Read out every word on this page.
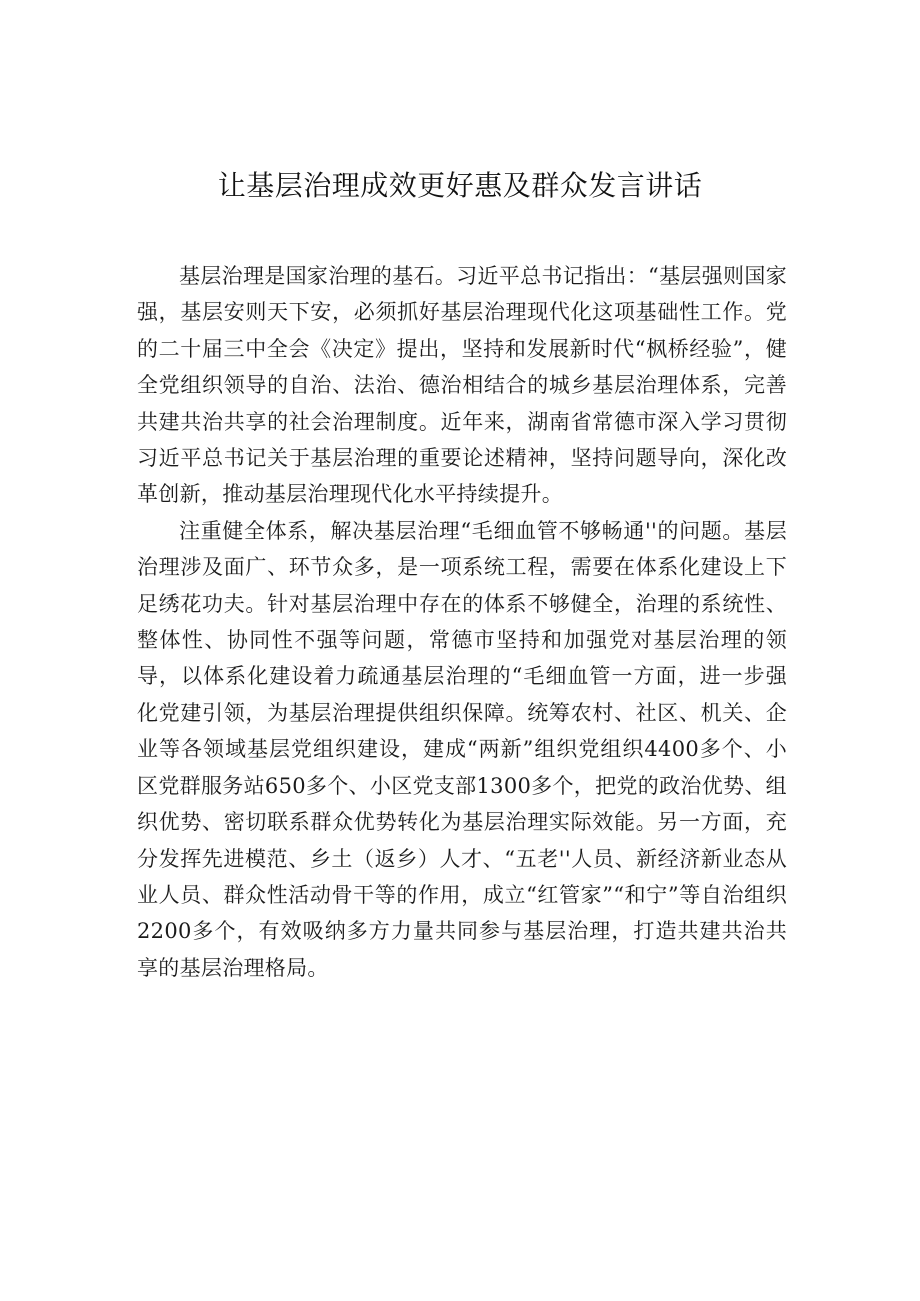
让基层治理成效更好惠及群众发言讲话

基层治理是国家治理的基石。习近平总书记指出：“基层强则国家强，基层安则天下安，必须抓好基层治理现代化这项基础性工作。党的二十届三中全会《决定》提出，坚持和发展新时代“枫桥经验”，健全党组织领导的自治、法治、德治相结合的城乡基层治理体系，完善共建共治共享的社会治理制度。近年来，湖南省常德市深入学习贯彻习近平总书记关于基层治理的重要论述精神，坚持问题导向，深化改革创新，推动基层治理现代化水平持续提升。

注重健全体系，解决基层治理“毛细血管不够畅通''的问题。基层治理涉及面广、环节众多，是一项系统工程，需要在体系化建设上下足绣花功夫。针对基层治理中存在的体系不够健全，治理的系统性、整体性、协同性不强等问题，常德市坚持和加强党对基层治理的领导，以体系化建设着力疏通基层治理的“毛细血管一方面，进一步强化党建引领，为基层治理提供组织保障。统筹农村、社区、机关、企业等各领域基层党组织建设，建成“两新”组织党组织4400多个、小区党群服务站650多个、小区党支部1300多个，把党的政治优势、组织优势、密切联系群众优势转化为基层治理实际效能。另一方面，充分发挥先进模范、乡土（返乡）人才、“五老''人员、新经济新业态从业人员、群众性活动骨干等的作用，成立“红管家”“和宁”等自治组织2200多个，有效吸纳多方力量共同参与基层治理，打造共建共治共享的基层治理格局。
